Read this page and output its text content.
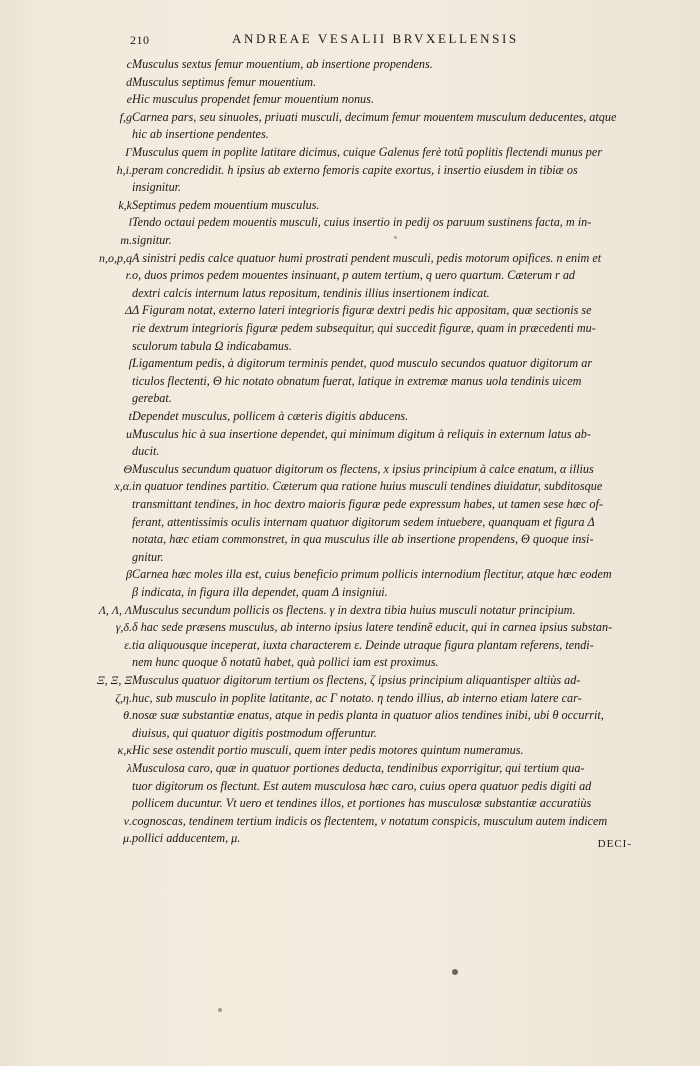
210	ANDREAE VESALII BRVXELLENSIS
c Musculus sextus femur mouentium, ab insertione propendens.
d Musculus septimus femur mouentium.
e Hic musculus propendet femur mouentium nonus.
f,g Carnea pars, seu sinuoles, priuati musculi, decimum femur mouentem musculum deducentes, atque
hic ab insertione pendentes.
Γ Musculus quem in poplite latitare dicimus, cuique Galenus ferè totũ poplitis flectendi munus per
h,i. peram concredidit. h ipsius ab externo femoris capite exortus, i insertio eiusdem in tibiæ os
insignitur.
k,k Septimus pedem mouentium musculus.
l Tendo octaui pedem mouentis musculi, cuius insertio in pedij os paruum sustinens facta, m in-
m. signitur.
n,o,p,q A sinistri pedis calce quatuor humi prostrati pendent musculi, pedis motorum opifices. n enim et
r. o, duos primos pedem mouentes insinuant, p autem tertium, q uero quartum. Cæterum r ad
dextri calcis internum latus repositum, tendinis illius insertionem indicat.
Δ Δ Figuram notat, externo lateri integrioris figuræ dextri pedis hic appositam, quæ sectionis se
rie dextrum integrioris figuræ pedem subsequitur, qui succedit figuræ, quam in præcedenti mu-
sculorum tabula Ω indicabamus.
ſ Ligamentum pedis, à digitorum terminis pendet, quod musculo secundos quatuor digitorum ar
ticulos flectenti, Θ hic notato obnatum fuerat, latique in extremæ manus uola tendinis uicem
gerebat.
t Dependet musculus, pollicem à cæteris digitis abducens.
u Musculus hic à sua insertione dependet, qui minimum digitum à reliquis in externum latus ab-
ducit.
Θ Musculus secundum quatuor digitorum os flectens, x ipsius principium à calce enatum, α illius
x,α. in quatuor tendines partitio. Cæterum qua ratione huius musculi tendines diuidatur, subditosque
transmittant tendines, in hoc dextro maioris figuræ pede expressum habes, ut tamen sese hæc of-
ferant, attentissimis oculis internam quatuor digitorum sedem intuebere, quanquam et figura Δ
notata, hæc etiam commonstret, in qua musculus ille ab insertione propendens, Θ quoque insi-
gnitur.
β Carnea hæc moles illa est, cuius beneficio primum pollicis internodium flectitur, atque hæc eodem
β indicata, in figura illa dependet, quam Δ insigniui.
Λ, Λ, Λ Musculus secundum pollicis os flectens. γ in dextra tibia huius musculi notatur principium.
γ,δ. δ hac sede præsens musculus, ab interno ipsius latere tendinẽ educit, qui in carnea ipsius substan-
ε. tia aliquousque inceperat, iuxta characterem ε. Deinde utraque figura plantam referens, tendi-
nem hunc quoque δ notatũ habet, quà pollici iam est proximus.
Ξ, Ξ, Ξ Musculus quatuor digitorum tertium os flectens, ζ ipsius principium aliquantisper altiùs ad-
ζ,η. huc, sub musculo in poplite latitante, ac Γ notato. η tendo illius, ab interno etiam latere car-
θ. nosæ suæ substantiæ enatus, atque in pedis planta in quatuor alios tendines inibi, ubi θ occurrit,
diuisus, qui quatuor digitis postmodum offeruntur.
κ,κ Hic sese ostendit portio musculi, quem inter pedis motores quintum numeramus.
λ Musculosa caro, quæ in quatuor portiones deducta, tendinibus exporrigitur, qui tertium qua-
tuor digitorum os flectunt. Est autem musculosa hæc caro, cuius opera quatuor pedis digiti ad
pollicem ducuntur. Vt uero et tendines illos, et portiones has musculosæ substantiæ accuratiùs
ν. cognoscas, tendinem tertium indicis os flectentem, ν notatum conspicis, musculum autem indicem
μ. pollici adducentem, μ.	DECI-
